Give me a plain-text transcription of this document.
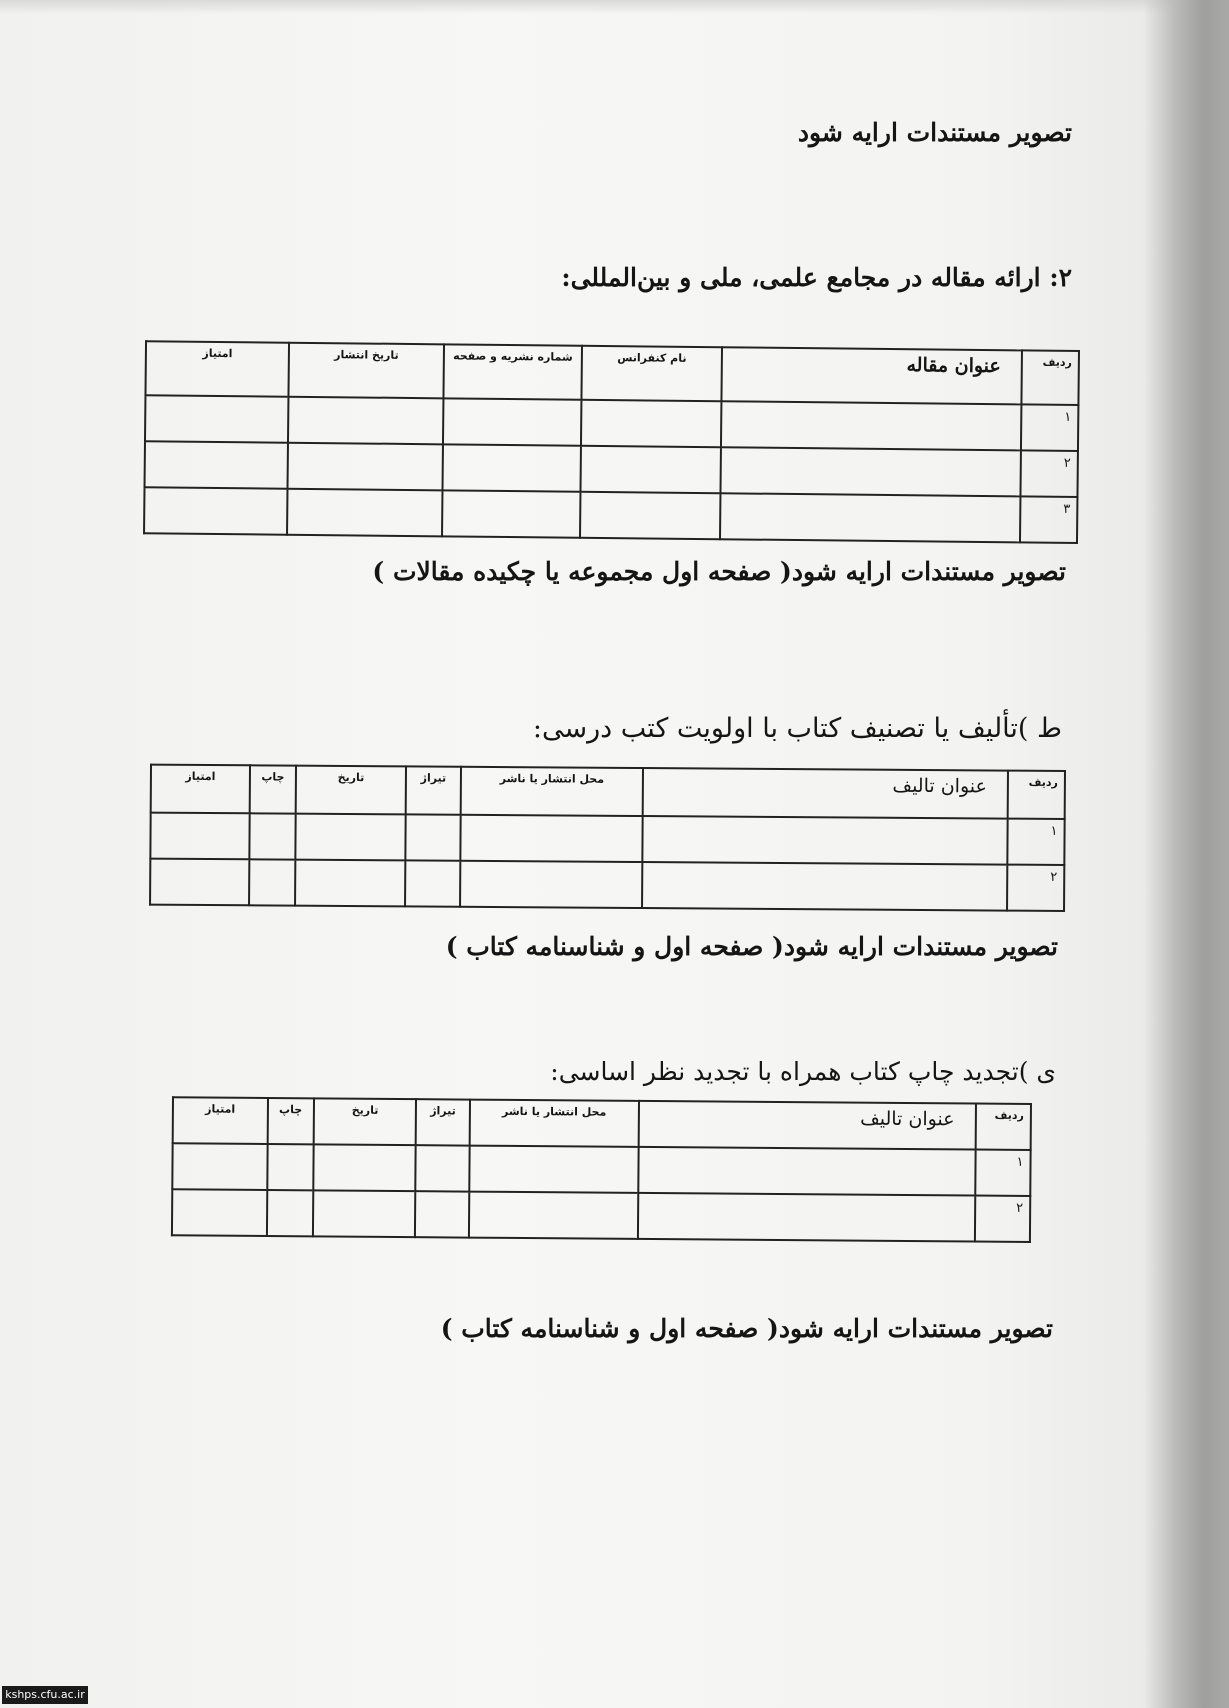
تصویر مستندات ارایه شود
۲: ارائه مقاله در مجامع علمی، ملی و بین‌المللی:
ردیف	عنوان مقاله	نام کنفرانس	شماره نشریه و صفحه	تاریخ انتشار	امتیاز
۱					
۲					
۳					
تصویر مستندات ارایه شود( صفحه اول مجموعه یا چکیده مقالات )
ط )تألیف یا تصنیف کتاب با اولویت کتب درسی:
ردیف	عنوان تالیف	محل انتشار یا ناشر	تیراژ	تاریخ	چاپ	امتیاز
۱						
۲						
تصویر مستندات ارایه شود( صفحه اول و شناسنامه کتاب )
ی )تجدید چاپ کتاب همراه با تجدید نظر اساسی:
ردیف	عنوان تالیف	محل انتشار یا ناشر	تیراژ	تاریخ	چاپ	امتیاز
۱						
۲						
تصویر مستندات ارایه شود( صفحه اول و شناسنامه کتاب )
kshps.cfu.ac.ir
